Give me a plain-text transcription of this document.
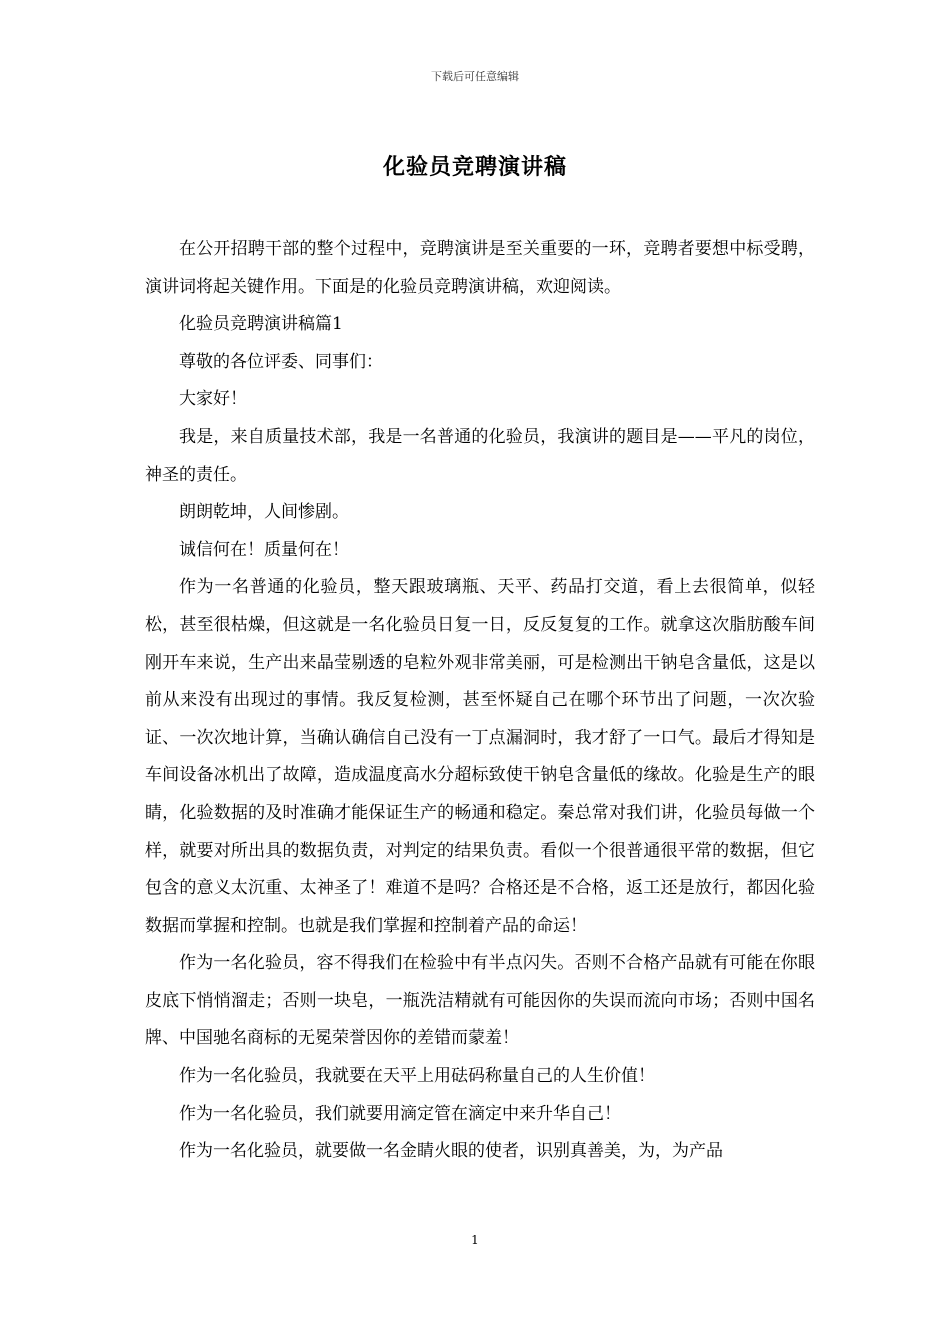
下载后可任意编辑
化验员竞聘演讲稿

在公开招聘干部的整个过程中，竞聘演讲是至关重要的一环，竞聘者要想中标受聘，演讲词将起关键作用。下面是的化验员竞聘演讲稿，欢迎阅读。

化验员竞聘演讲稿篇1

尊敬的各位评委、同事们：

大家好！

我是，来自质量技术部，我是一名普通的化验员，我演讲的题目是——平凡的岗位，神圣的责任。

朗朗乾坤，人间惨剧。

诚信何在！质量何在！

作为一名普通的化验员，整天跟玻璃瓶、天平、药品打交道，看上去很简单，似轻松，甚至很枯燥，但这就是一名化验员日复一日，反反复复的工作。就拿这次脂肪酸车间刚开车来说，生产出来晶莹剔透的皂粒外观非常美丽，可是检测出干钠皂含量低，这是以前从来没有出现过的事情。我反复检测，甚至怀疑自己在哪个环节出了问题，一次次验证、一次次地计算，当确认确信自己没有一丁点漏洞时，我才舒了一口气。最后才得知是车间设备冰机出了故障，造成温度高水分超标致使干钠皂含量低的缘故。化验是生产的眼睛，化验数据的及时准确才能保证生产的畅通和稳定。秦总常对我们讲，化验员每做一个样，就要对所出具的数据负责，对判定的结果负责。看似一个很普通很平常的数据，但它包含的意义太沉重、太神圣了！难道不是吗？合格还是不合格，返工还是放行，都因化验数据而掌握和控制。也就是我们掌握和控制着产品的命运！

作为一名化验员，容不得我们在检验中有半点闪失。否则不合格产品就有可能在你眼皮底下悄悄溜走；否则一块皂，一瓶洗洁精就有可能因你的失误而流向市场；否则中国名牌、中国驰名商标的无冕荣誉因你的差错而蒙羞！

作为一名化验员，我就要在天平上用砝码称量自己的人生价值！

作为一名化验员，我们就要用滴定管在滴定中来升华自己！

作为一名化验员，就要做一名金睛火眼的使者，识别真善美，为，为产品

1
